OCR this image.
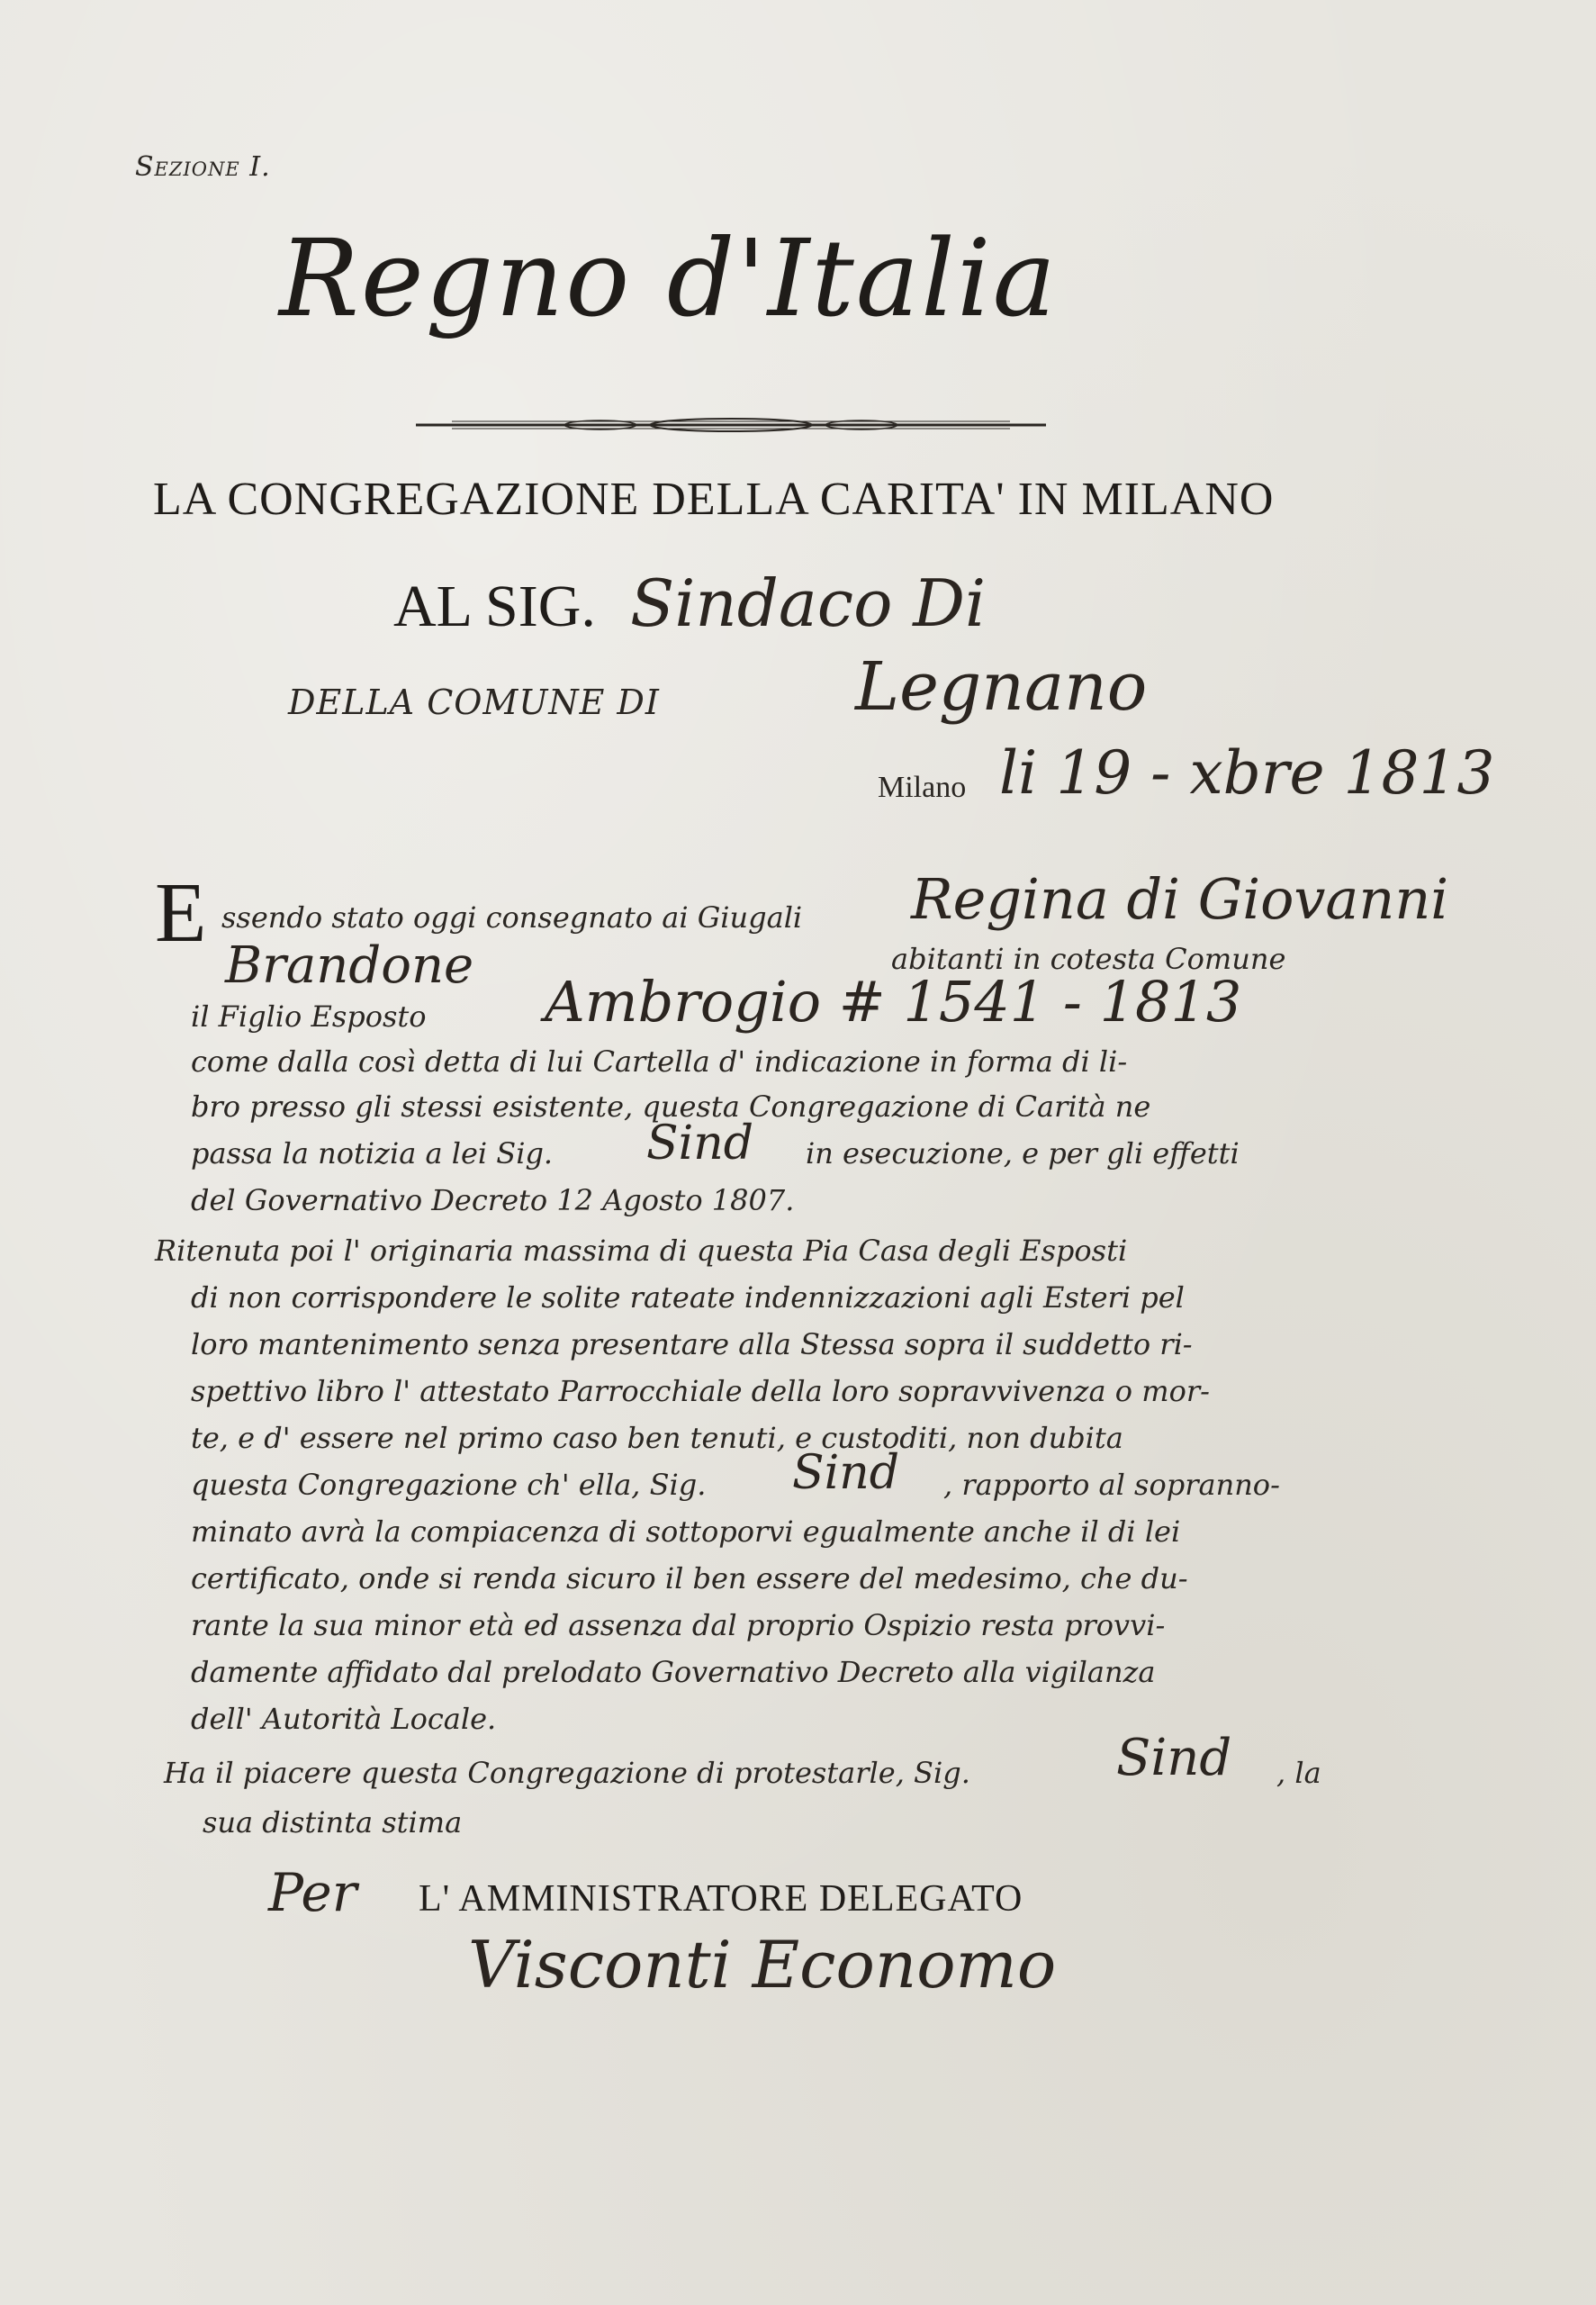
Sezione I.
Regno d'Italia
LA CONGREGAZIONE DELLA CARITA' IN MILANO
AL SIG. Sindaco Di
DELLA COMUNE DI	Legnano
Milano li 19 - xbre 1813
E ssendo stato oggi consegnato ai Giugali Regina di Giovanni
Brandone	abitanti in cotesta Comune
il Figlio Esposto Ambrogio # 1541 - 1813
come dalla così detta di lui Cartella d' indicazione in forma di li-
bro presso gli stessi esistente, questa Congregazione di Carità ne
passa la notizia a lei Sig. Sind in esecuzione, e per gli effetti
del Governativo Decreto 12 Agosto 1807.
Ritenuta poi l' originaria massima di questa Pia Casa degli Esposti
di non corrispondere le solite rateate indennizzazioni agli Esteri pel
loro mantenimento senza presentare alla Stessa sopra il suddetto ri-
spettivo libro l' attestato Parrocchiale della loro sopravvivenza o mor-
te, e d' essere nel primo caso ben tenuti, e custoditi, non dubita
questa Congregazione ch' ella, Sig. Sind , rapporto al soprannо-
minato avrà la compiacenza di sottoporvi egualmente anche il di lei
certificato, onde si renda sicuro il ben essere del medesimo, che du-
rante la sua minor età ed assenza dal proprio Ospizio resta provvi-
damente affidato dal prelodato Governativo Decreto alla vigilanza
dell' Autorità Locale.
Ha il piacere questa Congregazione di protestarle, Sig.	Sind , la
sua distinta stima
Per L' AMMINISTRATORE DELEGATO
Visconti Economo
